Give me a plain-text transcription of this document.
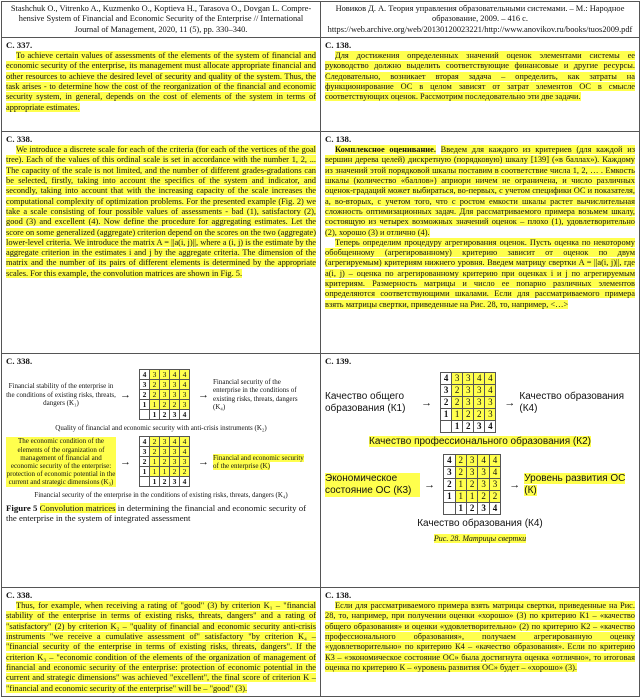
Stashchuk O., Vitrenko A., Kuzmenko O., Koptieva H., Tarasova O., Dovgan L. Compre-hensive System of Financial and Economic Security of the Enterprise // International Journal of Management, 2020, 11 (5), pp. 330–340.	Новиков Д. А. Теория управления образовательными системами. – М.: Народное образование, 2009. – 416 с. https://web.archive.org/web/20130120023221/http://www.anovikov.ru/books/tuos2009.pdf

С. 337.

To achieve certain values of assessments of the elements of the system of financial and economic security of the enterprise, its management must allocate appropriate financial and other resources to achieve the desired level of security and quality of the system. Thus, the task arises - to determine how the cost of the reorganization of the financial and economic security system, in general, depends on the cost of elements of the system in terms of appropriate estimates.

С. 138.

Для достижения определенных значений оценок элементами системы ее руководство должно выделить соответствующие финансовые и другие ресурсы. Следовательно, возникает вторая задача – определить, как затраты на функционирование ОС в целом зависят от затрат элементов ОС в смысле соответствующих оценок. Рассмотрим последовательно эти две задачи.

С. 338.

We introduce a discrete scale for each of the criteria (for each of the vertices of the goal tree). Each of the values of this ordinal scale is set in accordance with the number 1, 2, ... The capacity of the scale is not limited, and the number of different grades-gradations can be selected, firstly, taking into account the specifics of the system and indicator, and secondly, taking into account that with the increasing capacity of the scale increases the computational complexity of optimization problems. For the presented example (Fig. 2) we take a scale consisting of four possible values of assessments - bad (1), satisfactory (2), good (3) and excellent (4). Now define the procedure for aggregating estimates. Let the score on some generalized (aggregate) criterion depend on the scores on the two (aggregate) lower-level criteria. We introduce the matrix A = ||a(i, j)||, where a (i, j) is the estimate by the aggregate criterion in the estimates i and j by the aggregate criteria. The dimension of the matrix and the number of its pairs of different elements is determined by the appropriate scales. For this example, the convolution matrices are shown in Fig. 5.

С. 138.

Комплексное оценивание. Введем для каждого из критериев (для каждой из вершин дерева целей) дискретную (порядковую) шкалу [139] («в баллах»). Каждому из значений этой порядковой шкалы поставим в соответствие числа 1, 2, … . Емкость шкалы (количество «баллов») априори ничем не ограничена, и число различных оценок-градаций может выбираться, во-первых, с учетом специфики ОС и показателя, а, во-вторых, с учетом того, что с ростом емкости шкалы растет вычислительная сложность оптимизационных задач. Для рассматриваемого примера возьмем шкалу, состоящую из четырех возможных значений оценок – плохо (1), удовлетворительно (2), хорошо (3) и отлично (4).

Теперь определим процедуру агрегирования оценок. Пусть оценка по некоторому обобщенному (агрегированному) критерию зависит от оценок по двум (агрегируемым) критериям нижнего уровня. Введем матрицу свертки A = ||a(i, j)||, где a(i, j) – оценка по агрегированному критерию при оценках i и j по агрегируемым критериям. Размерность матрицы и число ее попарно различных элементов определяются соответствующими шкалами. Если для рассматриваемого примера взять матрицы свертки, приведенные на Рис. 28, то, например, <…>

С. 338.
Financial stability of the enterprise in the conditions of existing risks, threats, dangers (K₁)
→
4	3	3	4	4
3	2	3	3	4
2	2	3	3	3
1	1	2	2	3
	1	2	3	4
→
Financial security of the enterprise in the conditions of existing risks, threats, dangers (K₄)
Quality of financial and economic security with anti-crisis instruments (K₂)
The economic condition of the elements of the organization of management of financial and economic security of the enterprise: protection of economic potential in the current and strategic dimensions (K₃)
→
4	2	3	4	4
3	2	3	3	4
2	1	2	3	3
1	1	1	2	2
	1	2	3	4
→ Financial and economic security of the enterprise (K)
Financial security of the enterprise in the conditions of existing risks, threats, dangers (K₄)
Figure 5 Convolution matrices in determining the financial and economic security of the enterprise in the system of integrated assessment

С. 139.
Качество общего образования (К1)	→
4	3	3	4	4
3	2	3	3	4
2	2	3	3	3
1	1	2	2	3
	1	2	3	4
→
Качество образования (К4)
Качество профессионального образования (К2)
Экономическое состояние ОС (К3)	→
4	2	3	4	4
3	2	3	3	4
2	1	2	3	3
1	1	1	2	2
	1	2	3	4
→
Уровень развития ОС (К)
Качество образования (К4)
Рис. 28. Матрицы свертки

С. 338.

Thus, for example, when receiving a rating of "good" (3) by criterion K₁ – "financial stability of the enterprise in terms of existing risks, threats, dangers" and a rating of "satisfactory" (2) by criterion K₂ – "quality of financial and economic security anti-crisis instruments "we receive a cumulative assessment of" satisfactory "by criterion K₄ – "financial security of the enterprise in terms of existing risks, threats, dangers". If the criterion K₃ – "economic condition of the elements of the organization of management of financial and economic security of the enterprise: protection of economic potential in the current and strategic dimensions" was achieved "excellent", the final score of criterion K – "financial and economic security of the enterprise" will be – "good" (3).

С. 138.

Если для рассматриваемого примера взять матрицы свертки, приведенные на Рис. 28, то, например, при получении оценки «хорошо» (3) по критерию К1 – «качество общего образования» и оценки «удовлетворительно» (2) по критерию К2 – «качество профессионального образования», получаем агрегированную оценку «удовлетворительно» по критерию К4 – «качество образования». Если по критерию К3 – «экономическое состояние ОС» была достигнута оценка «отлично», то итоговая оценка по критерию К – «уровень развития ОС» будет – «хорошо» (3).
